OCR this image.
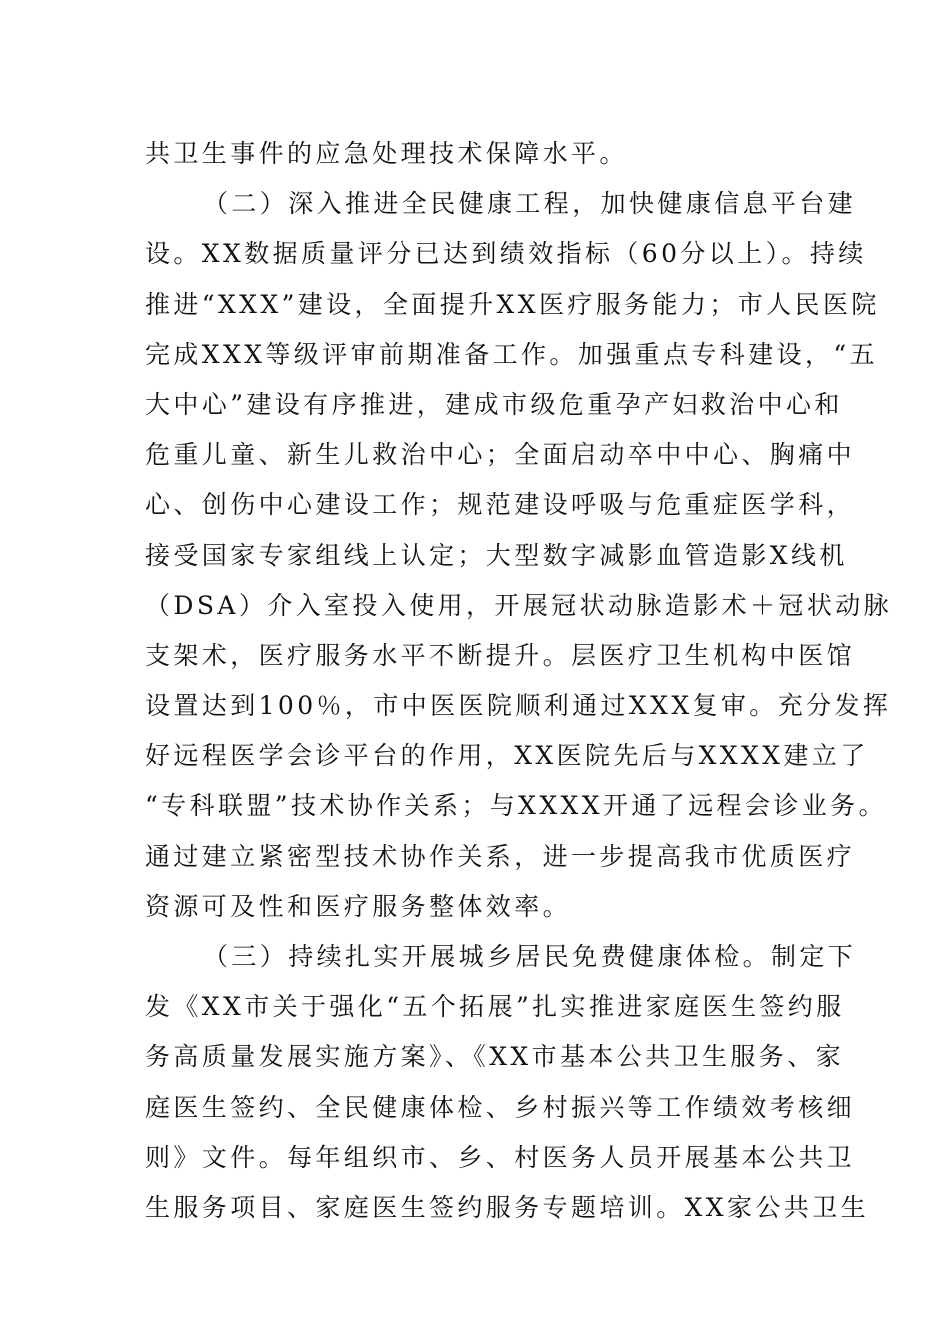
共卫生事件的应急处理技术保障水平。
（二）深入推进全民健康工程，加快健康信息平台建
设。XX数据质量评分已达到绩效指标（60分以上）。持续
推进“XXX”建设，全面提升XX医疗服务能力；市人民医院
完成XXX等级评审前期准备工作。加强重点专科建设，“五
大中心”建设有序推进，建成市级危重孕产妇救治中心和
危重儿童、新生儿救治中心；全面启动卒中中心、胸痛中
心、创伤中心建设工作；规范建设呼吸与危重症医学科，
接受国家专家组线上认定；大型数字减影血管造影X线机
（DSA）介入室投入使用，开展冠状动脉造影术＋冠状动脉
支架术，医疗服务水平不断提升。层医疗卫生机构中医馆
设置达到100％，市中医医院顺利通过XXX复审。充分发挥
好远程医学会诊平台的作用，XX医院先后与XXXX建立了
“专科联盟”技术协作关系；与XXXX开通了远程会诊业务。
通过建立紧密型技术协作关系，进一步提高我市优质医疗
资源可及性和医疗服务整体效率。
（三）持续扎实开展城乡居民免费健康体检。制定下
发《XX市关于强化“五个拓展”扎实推进家庭医生签约服
务高质量发展实施方案》、《XX市基本公共卫生服务、家
庭医生签约、全民健康体检、乡村振兴等工作绩效考核细
则》文件。每年组织市、乡、村医务人员开展基本公共卫
生服务项目、家庭医生签约服务专题培训。XX家公共卫生
